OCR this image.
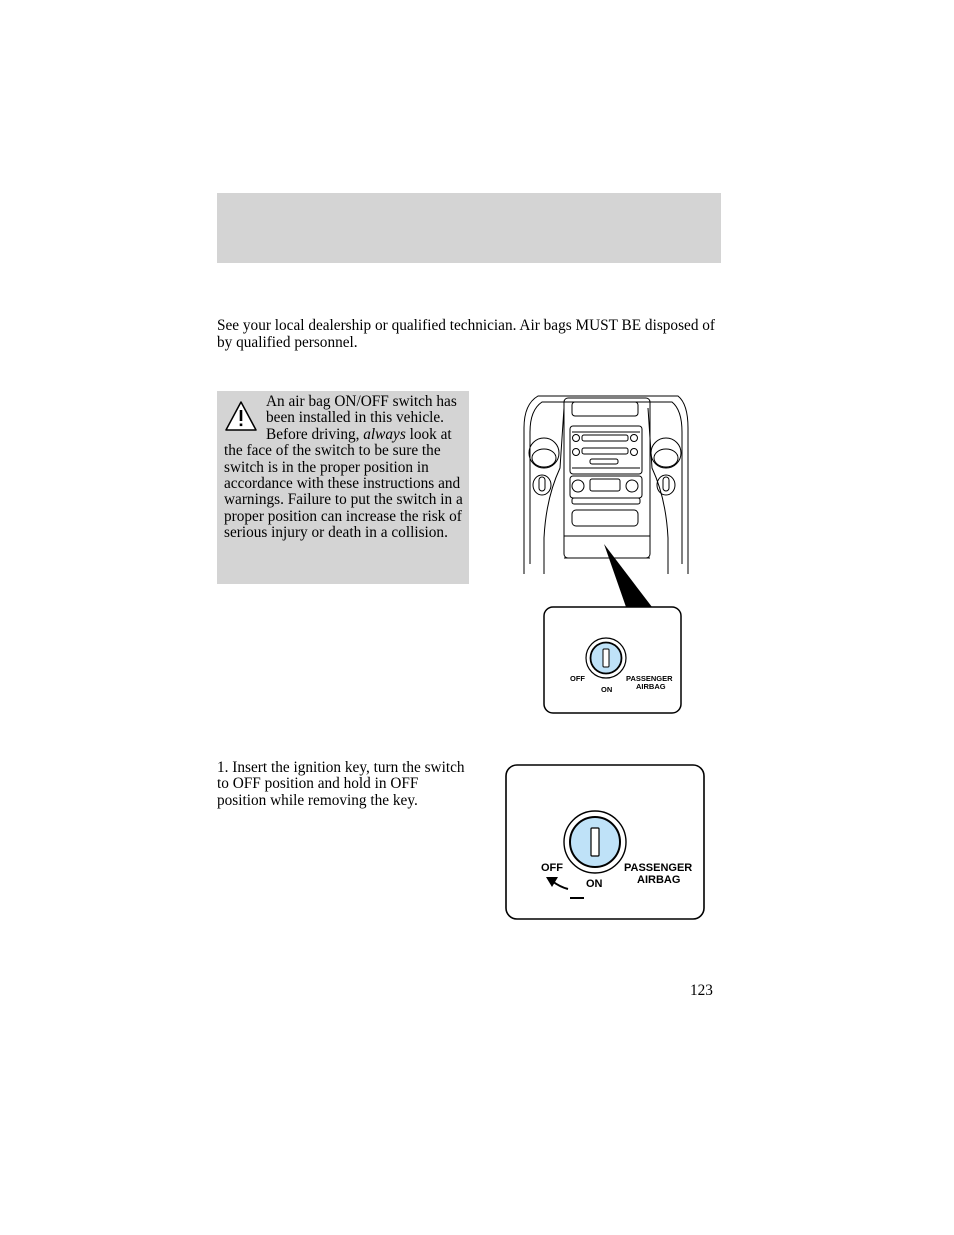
See your local dealership or qualified technician. Air bags MUST BE disposed of by qualified personnel.

An air bag ON/OFF switch has been installed in this vehicle. Before driving, always look at the face of the switch to be sure the switch is in the proper position in accordance with these instructions and warnings. Failure to put the switch in a proper position can increase the risk of serious injury or death in a collision.

OFF
ON
PASSENGER
AIRBAG

1. Insert the ignition key, turn the switch to OFF position and hold in OFF position while removing the key.

OFF
ON
PASSENGER
AIRBAG
123
